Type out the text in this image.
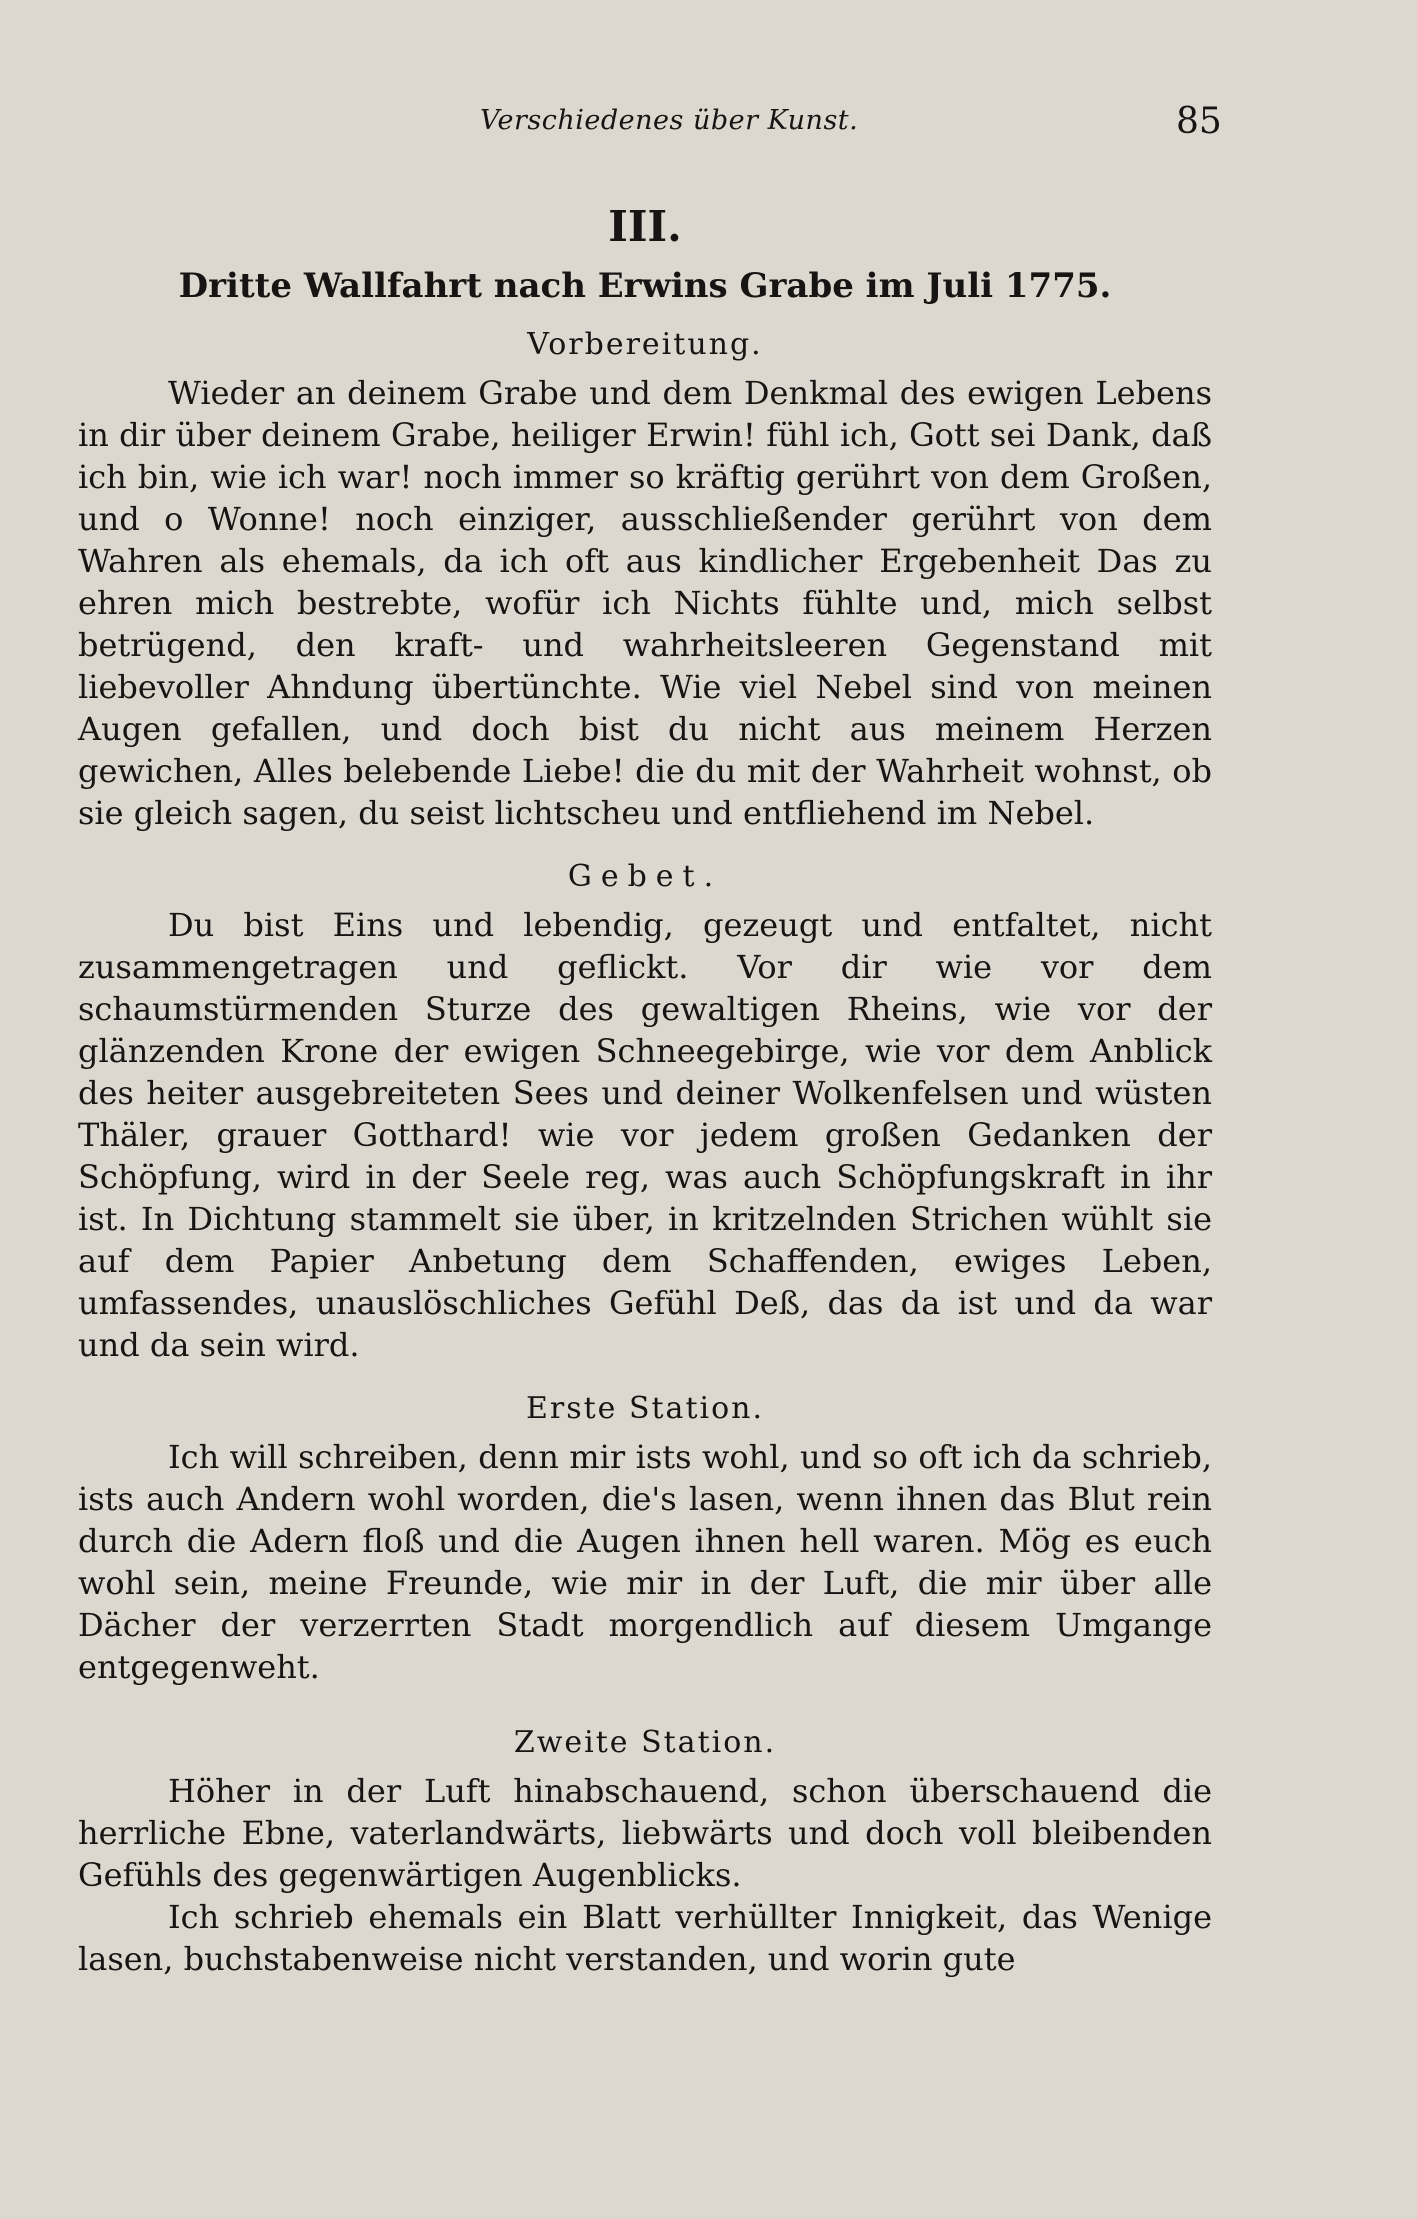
Verschiedenes über Kunst.	85
III.
Dritte Wallfahrt nach Erwins Grabe im Juli 1775.
Vorbereitung.

Wieder an deinem Grabe und dem Denkmal des ewigen Lebens in dir über deinem Grabe, heiliger Erwin! fühl ich, Gott sei Dank, daß ich bin, wie ich war! noch immer so kräftig gerührt von dem Großen, und o Wonne! noch einziger, ausschließender gerührt von dem Wahren als ehemals, da ich oft aus kindlicher Ergebenheit Das zu ehren mich bestrebte, wofür ich Nichts fühlte und, mich selbst betrügend, den kraft- und wahrheitsleeren Gegenstand mit liebevoller Ahndung übertünchte. Wie viel Nebel sind von meinen Augen gefallen, und doch bist du nicht aus meinem Herzen gewichen, Alles belebende Liebe! die du mit der Wahrheit wohnst, ob sie gleich sagen, du seist lichtscheu und entfliehend im Nebel.

Gebet.

Du bist Eins und lebendig, gezeugt und entfaltet, nicht zusammengetragen und geflickt. Vor dir wie vor dem schaumstürmenden Sturze des gewaltigen Rheins, wie vor der glänzenden Krone der ewigen Schneegebirge, wie vor dem Anblick des heiter ausgebreiteten Sees und deiner Wolkenfelsen und wüsten Thäler, grauer Gotthard! wie vor jedem großen Gedanken der Schöpfung, wird in der Seele reg, was auch Schöpfungskraft in ihr ist. In Dichtung stammelt sie über, in kritzelnden Strichen wühlt sie auf dem Papier Anbetung dem Schaffenden, ewiges Leben, umfassendes, unauslöschliches Gefühl Deß, das da ist und da war und da sein wird.

Erste Station.

Ich will schreiben, denn mir ists wohl, und so oft ich da schrieb, ists auch Andern wohl worden, die's lasen, wenn ihnen das Blut rein durch die Adern floß und die Augen ihnen hell waren. Mög es euch wohl sein, meine Freunde, wie mir in der Luft, die mir über alle Dächer der verzerrten Stadt morgendlich auf diesem Umgange entgegenweht.

Zweite Station.

Höher in der Luft hinabschauend, schon überschauend die herrliche Ebne, vaterlandwärts, liebwärts und doch voll bleibenden Gefühls des gegenwärtigen Augenblicks.

Ich schrieb ehemals ein Blatt verhüllter Innigkeit, das Wenige lasen, buchstabenweise nicht verstanden, und worin gute
